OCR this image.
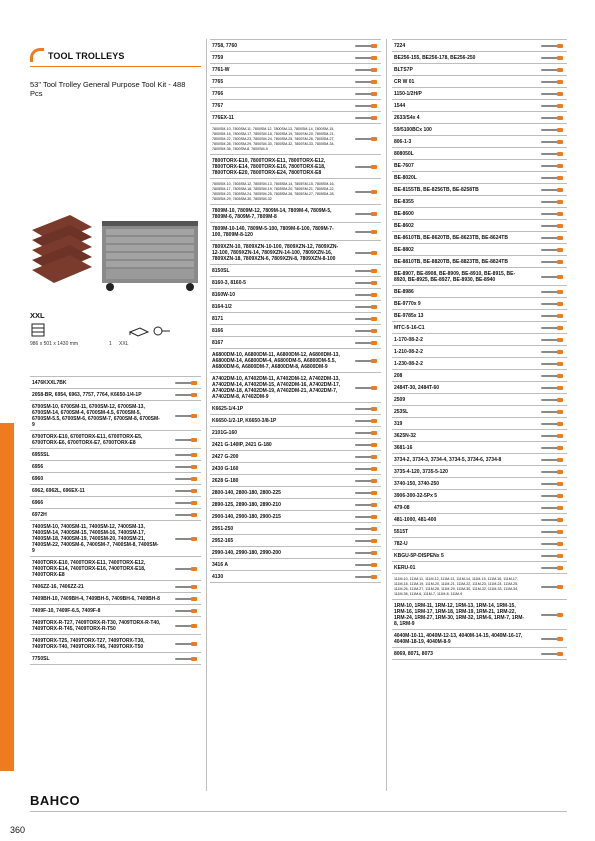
TOOL TROLLEYS
53" Tool Trolley General Purpose Tool Kit - 488 Pcs
XXL
986 x 501 x 1430 mm	1 XXL
1476KXXL7BK
2058-BR, 6954, 6963, 7757, 7764, K6650-1/4-1P
6700SM-10, 6700SM-11, 6700SM-12, 6700SM-13, 6700SM-14, 6700SM-4, 6700SM-4.5, 6700SM-5, 6700SM-5.5, 6700SM-6, 6700SM-7, 6700SM-8, 6700SM-9
6700TORX-E10, 6700TORX-E11, 6700TORX-E5, 6700TORX-E6, 6700TORX-E7, 6700TORX-E8
6955SL
6956
6960
6962, 6962L, 696EX-11
6966
6972H
7400SM-10, 7400SM-11, 7400SM-12, 7400SM-13, 7400SM-14, 7400SM-15, 7400SM-16, 7400SM-17, 7400SM-18, 7400SM-19, 7400SM-20, 7400SM-21, 7400SM-22, 7400SM-6, 7400SM-7, 7400SM-8, 7400SM-9
7400TORX-E10, 7400TORX-E11, 7400TORX-E12, 7400TORX-E14, 7400TORX-E16, 7400TORX-E18, 7400TORX-E8
7406ZZ-16, 7406ZZ-21
7409BH-10, 7409BH-4, 7409BH-5, 7409BH-6, 7409BH-8
7409F-10, 7409F-6.5, 7409F-8
7409TORX-R-T27, 7409TORX-R-T30, 7409TORX-R-T40, 7409TORX-R-T45, 7409TORX-R-T50
7409TORX-T25, 7409TORX-T27, 7409TORX-T30, 7409TORX-T40, 7409TORX-T45, 7409TORX-T50
7750SL
7758, 7760
7759
7761-W
7765
7766
7767
776EX-11
7800SM-10, 7800SM-11, 7800SM-12, 7800SM-13, 7800SM-14, 7800SM-15, 7800SM-16, 7800SM-17, 7800SM-18, 7800SM-19, 7800SM-20, 7800SM-21, 7800SM-22, 7800SM-23, 7800SM-24, 7800SM-25, 7800SM-26, 7800SM-27, 7800SM-28, 7800SM-29, 7800SM-30, 7800SM-32, 7800SM-33, 7800SM-34, 7800SM-36, 7800SM-8, 7800SM-9
7800TORX-E10, 7800TORX-E11, 7800TORX-E12, 7800TORX-E14, 7800TORX-E16, 7800TORX-E18, 7800TORX-E20, 7800TORX-E24, 7800TORX-E8
7805SM-10, 7805SM-12, 7805SM-13, 7805SM-14, 7805SM-15, 7805SM-16, 7805SM-17, 7805SM-18, 7805SM-19, 7805SM-20, 7805SM-21, 7805SM-22, 7805SM-23, 7805SM-24, 7805SM-25, 7805SM-26, 7805SM-27, 7805SM-28, 7805SM-29, 7805SM-30, 7805SM-32
7809M-10, 7809M-12, 7809M-14, 7809M-4, 7809M-5, 7809M-6, 7809M-7, 7809M-8
7809M-10-140, 7809M-5-100, 7809M-6-100, 7809M-7-100, 7809M-8-120
7809XZN-10, 7809XZN-10-100, 7809XZN-12, 7809XZN-12-100, 7809XZN-14, 7809XZN-14-100, 7809XZN-16, 7809XZN-18, 7809XZN-6, 7809XZN-8, 7809XZN-8-100
8150SL
8160-3, 8160-5
8160W-10
8164-1/2
8171
8166
8167
A6800DM-10, A6800DM-11, A6800DM-12, A6800DM-13, A6800DM-14, A6800DM-4, A6800DM-5, A6800DM-5.5, A6800DM-6, A6800DM-7, A6800DM-8, A6800DM-9
A7402DM-10, A7402DM-11, A7402DM-12, A7402DM-13, A7402DM-14, A7402DM-15, A7402DM-16, A7402DM-17, A7402DM-18, A7402DM-19, A7402DM-21, A7402DM-7, A7402DM-8, A7402DM-9
K6625-1/4-1P
K6650-1/2-1P, K6650-3/8-1P
2101G-160
2421 G-140IP, 2421 G-180
2427 G-200
2430 G-160
2628 G-180
2800-140, 2800-180, 2800-225
2890-125, 2890-180, 2890-210
2900-140, 2900-180, 2900-215
2951-250
2952-165
2990-140, 2990-180, 2990-200
3416 A
4130
7224
BE256-155, BE256-178, BE256-250
BLTS7P
CR W 01
1150-1/2H/P
1544
2633/S4x 4
59/5100BCx 100
806-1-3
808050L
BE-7607
BE-8020L
BE-8155TB, BE-8256TB, BE-8258TB
BE-8355
BE-8600
BE-8602
BE-8610TB, BE-8620TB, BE-8623TB, BE-8624TB
BE-8802
BE-8810TB, BE-8820TB, BE-8823TB, BE-8824TB
BE-8907, BE-8908, BE-8909, BE-8910, BE-8915, BE-8920, BE-8925, BE-8927, BE-8930, BE-8940
BE-8986
BE-9770x 9
BE-9785x 13
MTC-5-16-C1
1-170-08-2-2
1-210-08-2-2
1-230-08-2-2
208
2484T-30, 2484T-60
2509
2535L
319
3625N-32
3681-16
3734-2, 3734-3, 3734-4, 3734-5, 3734-6, 3734-8
3735-4-120, 3735-5-120
3740-150, 3740-250
3906-300-32-5Px 5
479-08
481-1000, 481-400
5515T
782-U
KBGU-5P-DISPENx 5
KERU-01
111M-10, 111M-11, 111M-12, 111M-13, 111M-14, 111M-15, 111M-16, 111M-17, 111M-18, 111M-19, 111M-20, 111M-21, 111M-22, 111M-23, 111M-24, 111M-25, 111M-26, 111M-27, 111M-28, 111M-29, 111M-30, 111M-32, 111M-33, 111M-34, 111M-36, 111M-6, 111M-7, 111M-8, 111M-9
1RM-10, 1RM-11, 1RM-12, 1RM-13, 1RM-14, 1RM-15, 1RM-16, 1RM-17, 1RM-18, 1RM-19, 1RM-21, 1RM-22, 1RM-24, 1RM-27, 1RM-30, 1RM-32, 1RM-6, 1RM-7, 1RM-8, 1RM-9
4040M-10-11, 4040M-12-13, 4040M-14-15, 4040M-16-17, 4040M-18-19, 4040M-8-9
8069, 8071, 8073
BAHCO
360
